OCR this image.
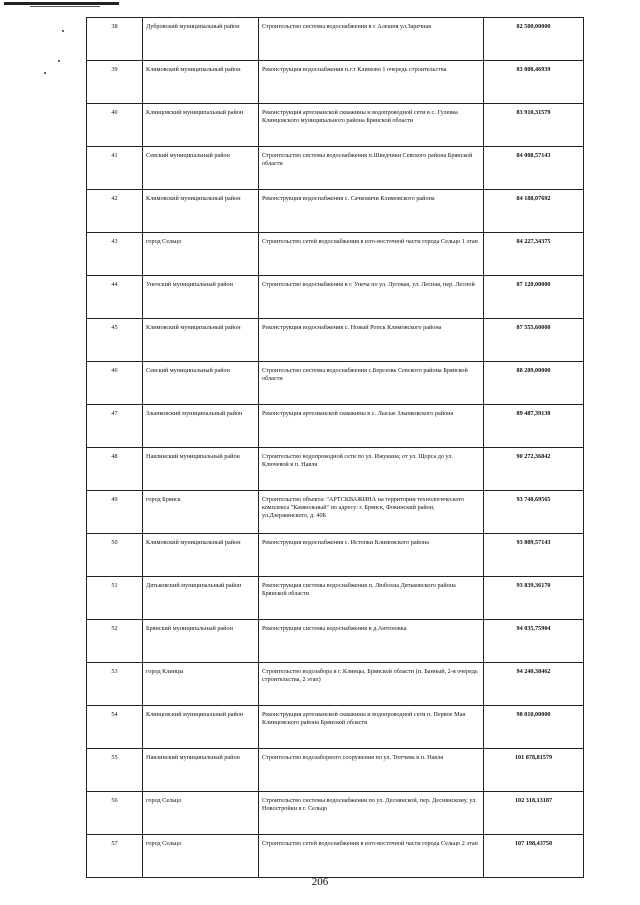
38	Дубровский муниципальный район	Строительство системы водоснабжения в с Алешня ул.Заречная	82 500,00000
39	Климовский муниципальный район	Реконструкция водоснабжения п.г.т Климово 1 очередь строительства	83 008,46939
40	Клинцовский муниципальный район	Реконструкция артезианской скважины и водопроводной сети в с. Гулевка Клинцовского муниципального района Брянской области	83 910,31579
41	Севский муниципальный район	Строительство системы водоснабжения п.Шведчики Севского района Брянской области	84 008,57143
42	Климовский муниципальный район	Реконструкция водоснабжения с. Сачковичи Климовского района	84 188,07692
43	город Сельцо	Строительство сетей водоснабжения в юго-восточной части города Сельцо 1 этап	84 227,34375
44	Унечский муниципальный район	Строительство водоснабжения в г. Унеча по ул. Луговая, ул. Лесная, пер. Лесной	87 120,00000
45	Климовский муниципальный район	Реконструкция водоснабжения с. Новый Ропск Климовского района	87 555,60000
46	Севский муниципальный район	Строительство системы водоснабжения с.Березовк Севского района Брянской области	88 209,00000
47	Злынковский муниципальный район	Реконструкция артезианской скважины в с. Лысые Злынковского района	89 487,39130
48	Навлинский муниципальный район	Строительство водопроводной сети по ул. Ижукина; от ул. Щорса до ул. Ключевой в п. Навля	90 272,36842
49	город Брянск	Строительство объекта: "АРТСКВАЖИНА на территории технологического комплекса "Камвольный" по адресу: г. Брянск, Фокинский район, ул.Дзержинского, д. 40Б	93 748,69565
50	Климовский муниципальный район	Реконструкция водоснабжения с. Истопки Климовского района	93 809,57143
51	Дятьковский муниципальный район	Реконструкция системы водоснабжения п. Любохна Дятьковского района Брянской области	93 839,36170
52	Брянский муниципальный район	Реконструкция системы водоснабжения в д.Антоновка	94 035,75904
53	город Клинцы	Строительство водозабора в г. Клинцы, Брянской области (п. Банный, 2-я очередь строительства, 2 этап)	94 240,38462
54	Клинцовский муниципальный район	Реконструкция артезианской скважины и водопроводной сети п. Первое Мая Клинцовского района Брянской области	98 010,00000
55	Навлинский муниципальный район	Строительство водозаборного сооружения по ул. Тютчева в п. Навля	101 878,81579
56	город Сельцо	Строительство системы водоснабжения по ул. Деснянской, пер. Деснянскому, ул. Новостройки в г. Сельцо	102 318,13187
57	город Сельцо	Строительство сетей водоснабжения в юго-восточной части города Сельцо 2 этап	107 198,43750
206
